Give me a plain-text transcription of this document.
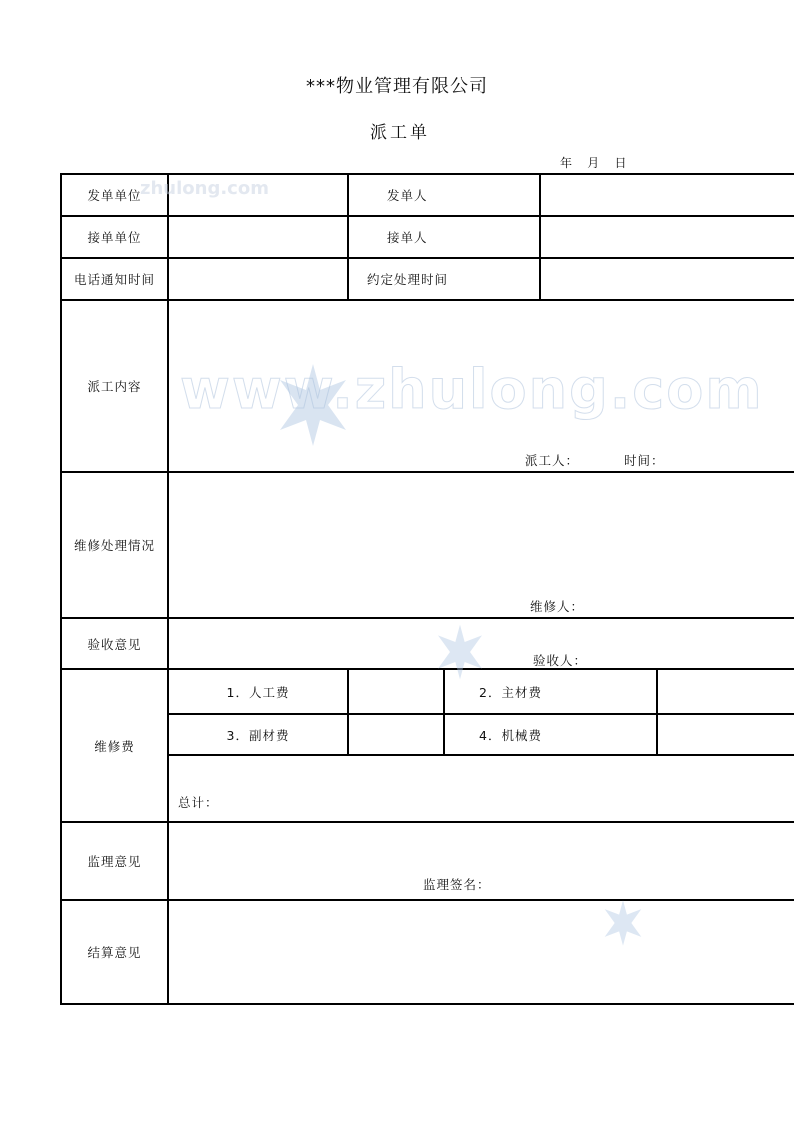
***物业管理有限公司
派工单
年    月    日
发单单位		发单人			
接单单位		接单人			
电话通知时间		约定处理时间			
派工内容	派工人： 时间：				

维修处理情况	维修人：				

验收意见	验收人：				

维修费	1．人工费		2．主材费		
	3．副材费		4．机械费		

	总计：				

监理意见	监理签名：				

结算意见					
zhulong.com
www.zhulong.com
